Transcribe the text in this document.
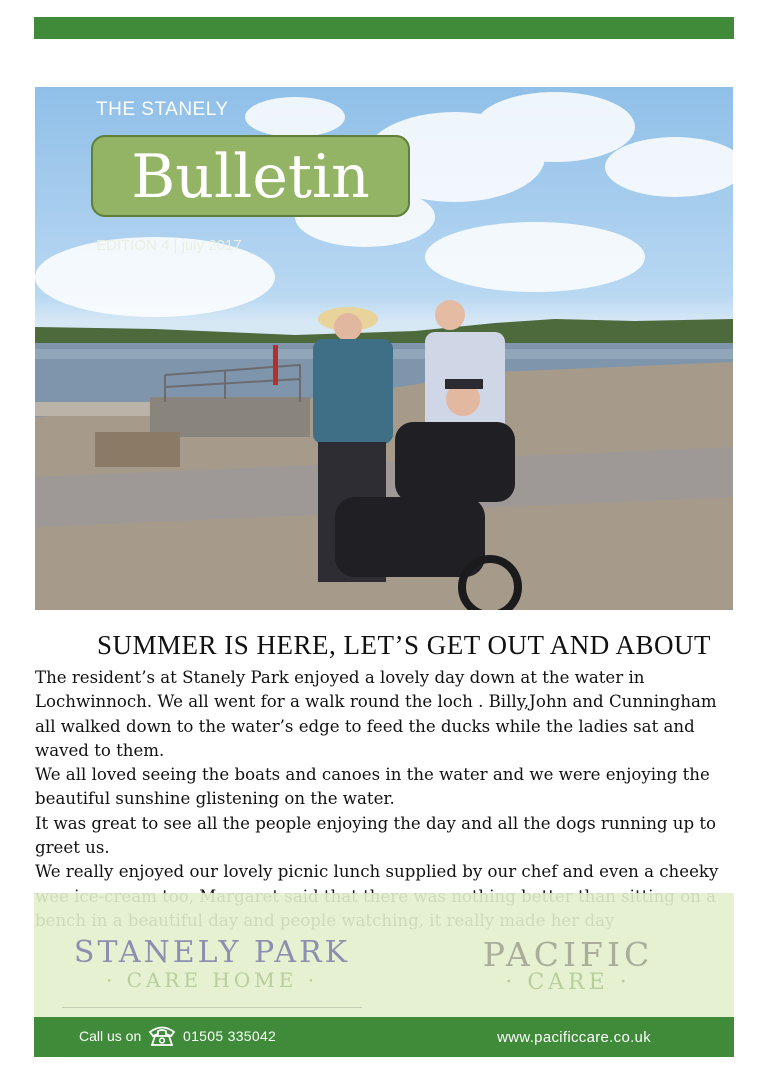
THE STANELY
Bulletin
EDITION 4 | july 2017
SUMMER IS HERE, LET’S GET OUT AND ABOUT

The resident’s at Stanely Park enjoyed a lovely day down at the water in Lochwinnoch. We all went for a walk round the loch . Billy,John and Cunningham all walked down to the water’s edge to feed the ducks while the ladies sat and waved to them.

We all loved seeing the boats and canoes in the water and we were enjoying the beautiful sunshine glistening on the water.

It was great to see all the people enjoying the day and all the dogs running up to greet us.

We really enjoyed our lovely picnic lunch supplied by our chef and even a cheeky

STANELY PARK
· CARE HOME ·
PACIFIC
· CARE ·
Call us on	01505 335042	www.pacificcare.co.uk
